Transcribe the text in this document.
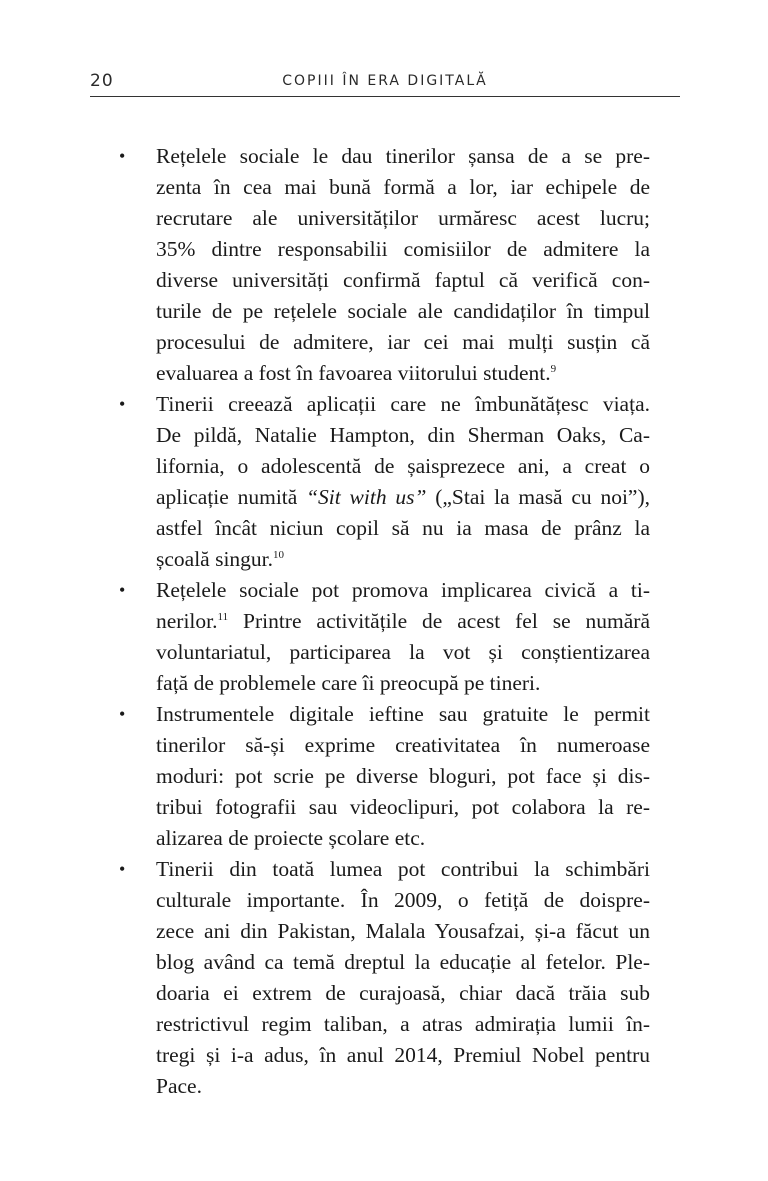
20	COPIII ÎN ERA DIGITALĂ
• Rețelele sociale le dau tinerilor șansa de a se pre-
zenta în cea mai bună formă a lor, iar echipele de
recrutare ale universităților urmăresc acest lucru;
35% dintre responsabilii comisiilor de admitere la
diverse universități confirmă faptul că verifică con-
turile de pe rețelele sociale ale candidaților în timpul
procesului de admitere, iar cei mai mulți susțin că
evaluarea a fost în favoarea viitorului student.$^9$
• Tinerii creează aplicații care ne îmbunătățesc viața.
De pildă, Natalie Hampton, din Sherman Oaks, Ca-
lifornia, o adolescentă de șaisprezece ani, a creat o
aplicație numită “Sit with us” („Stai la masă cu noi”),
astfel încât niciun copil să nu ia masa de prânz la
școală singur.$^{10}$
• Rețelele sociale pot promova implicarea civică a ti-
nerilor.$^{11}$ Printre activitățile de acest fel se numără
voluntariatul, participarea la vot și conștientizarea
față de problemele care îi preocupă pe tineri.
• Instrumentele digitale ieftine sau gratuite le permit
tinerilor să-și exprime creativitatea în numeroase
moduri: pot scrie pe diverse bloguri, pot face și dis-
tribui fotografii sau videoclipuri, pot colabora la re-
alizarea de proiecte școlare etc.
• Tinerii din toată lumea pot contribui la schimbări
culturale importante. În 2009, o fetiță de doispre-
zece ani din Pakistan, Malala Yousafzai, și-a făcut un
blog având ca temă dreptul la educație al fetelor. Ple-
doaria ei extrem de curajoasă, chiar dacă trăia sub
restrictivul regim taliban, a atras admirația lumii în-
tregi și i-a adus, în anul 2014, Premiul Nobel pentru
Pace.
